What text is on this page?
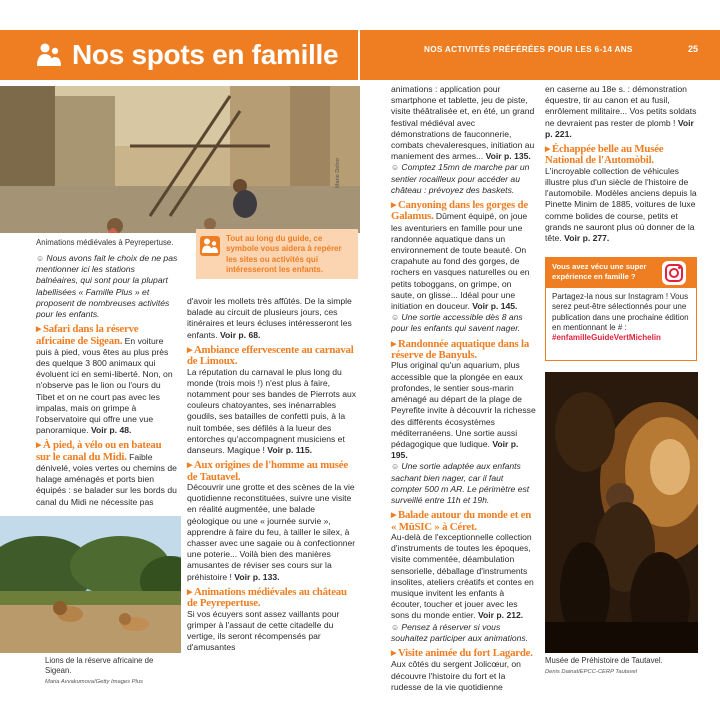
Nos spots en famille	NOS ACTIVITÉS PRÉFÉRÉES POUR LES 6-14 ANS	25
Marie Dehor
Animations médiévales à Peyrepertuse.	Tout au long du guide, ce symbole vous aidera à repérer les sites ou activités qui intéresseront les enfants.

☺ Nous avons fait le choix de ne pas mentionner ici les stations balnéaires, qui sont pour la plupart labellisées « Famille Plus » et proposent de nombreuses activités pour les enfants.

▶ Safari dans la réserve africaine de Sigean. En voiture puis à pied, vous êtes au plus près des quelque 3 800 animaux qui évoluent ici en semi-liberté. Non, on n'observe pas le lion ou l'ours du Tibet et on ne court pas avec les impalas, mais on grimpe à l'observatoire qui offre une vue panoramique. Voir p. 48.

▶ À pied, à vélo ou en bateau sur le canal du Midi. Faible dénivelé, voies vertes ou chemins de halage aménagés et ports bien équipés : se balader sur les bords du canal du Midi ne nécessite pas

Lions de la réserve africaine de Sigean.
Maria Avvakumova/Getty Images Plus

d'avoir les mollets très affûtés. De la simple balade au circuit de plusieurs jours, ces itinéraires et leurs écluses intéresseront les enfants. Voir p. 68.

▶ Ambiance effervescente au carnaval de Limoux.

La réputation du carnaval le plus long du monde (trois mois !) n'est plus à faire, notamment pour ses bandes de Pierrots aux couleurs chatoyantes, ses inénarrables goudils, ses batailles de confetti puis, à la nuit tombée, ses défilés à la lueur des entorches qu'accompagnent musiciens et danseurs. Magique ! Voir p. 115.

▶ Aux origines de l'homme au musée de Tautavel.

Découvrir une grotte et des scènes de la vie quotidienne reconstituées, suivre une visite en réalité augmentée, une balade géologique ou une « journée survie », apprendre à faire du feu, à tailler le silex, à chasser avec une sagaie ou à confectionner une poterie... Voilà bien des manières amusantes de réviser ses cours sur la préhistoire ! Voir p. 133.

▶ Animations médiévales au château de Peyrepertuse.

Si vos écuyers sont assez vaillants pour grimper à l'assaut de cette citadelle du vertige, ils seront récompensés par d'amusantes

animations : application pour smartphone et tablette, jeu de piste, visite théâtralisée et, en été, un grand festival médiéval avec démonstrations de fauconnerie, combats chevaleresques, initiation au maniement des armes... Voir p. 135.

☺ Comptez 15mn de marche par un sentier rocailleux pour accéder au château : prévoyez des baskets.

▶ Canyoning dans les gorges de Galamus. Dûment équipé, on joue les aventuriers en famille pour une randonnée aquatique dans un environnement de toute beauté. On crapahute au fond des gorges, de rochers en vasques naturelles ou en petits toboggans, on grimpe, on saute, on glisse... Idéal pour une initiation en douceur. Voir p. 145.

☺ Une sortie accessible dès 8 ans pour les enfants qui savent nager.

▶ Randonnée aquatique dans la réserve de Banyuls.

Plus original qu'un aquarium, plus accessible que la plongée en eaux profondes, le sentier sous-marin aménagé au départ de la plage de Peyrefite invite à découvrir la richesse des différents écosystèmes méditerranéens. Une sortie aussi pédagogique que ludique. Voir p. 195.

☺ Une sortie adaptée aux enfants sachant bien nager, car il faut compter 500 m AR. Le périmètre est surveillé entre 11h et 19h.

▶ Balade autour du monde et en « MūSIC » à Céret.

Au-delà de l'exceptionnelle collection d'instruments de toutes les époques, visite commentée, déambulation sensorielle, déballage d'instruments insolites, ateliers créatifs et contes en musique invitent les enfants à écouter, toucher et jouer avec les sons du monde entier. Voir p. 212.

☺ Pensez à réserver si vous souhaitez participer aux animations.

▶ Visite animée du fort Lagarde. Aux côtés du sergent Jolicœur, on découvre l'histoire du fort et la rudesse de la vie quotidienne

en caserne au 18e s. : démonstration équestre, tir au canon et au fusil, enrôlement militaire... Vos petits soldats ne devraient pas rester de plomb ! Voir p. 221.

▶ Échappée belle au Musée National de l'Automòbil.

L'incroyable collection de véhicules illustre plus d'un siècle de l'histoire de l'automobile. Modèles anciens depuis la Pinette Minim de 1885, voitures de luxe comme bolides de course, petits et grands ne sauront plus où donner de la tête. Voir p. 277.

Vous avez vécu une super expérience en famille ?
Partagez-la nous sur Instagram ! Vous serez peut-être sélectionnés pour une publication dans une prochaine édition en mentionnant le # : #enfamilleGuideVertMichelin
Musée de Préhistoire de Tautavel.
Denis Dainat/EPCC-CERP Tautavel
